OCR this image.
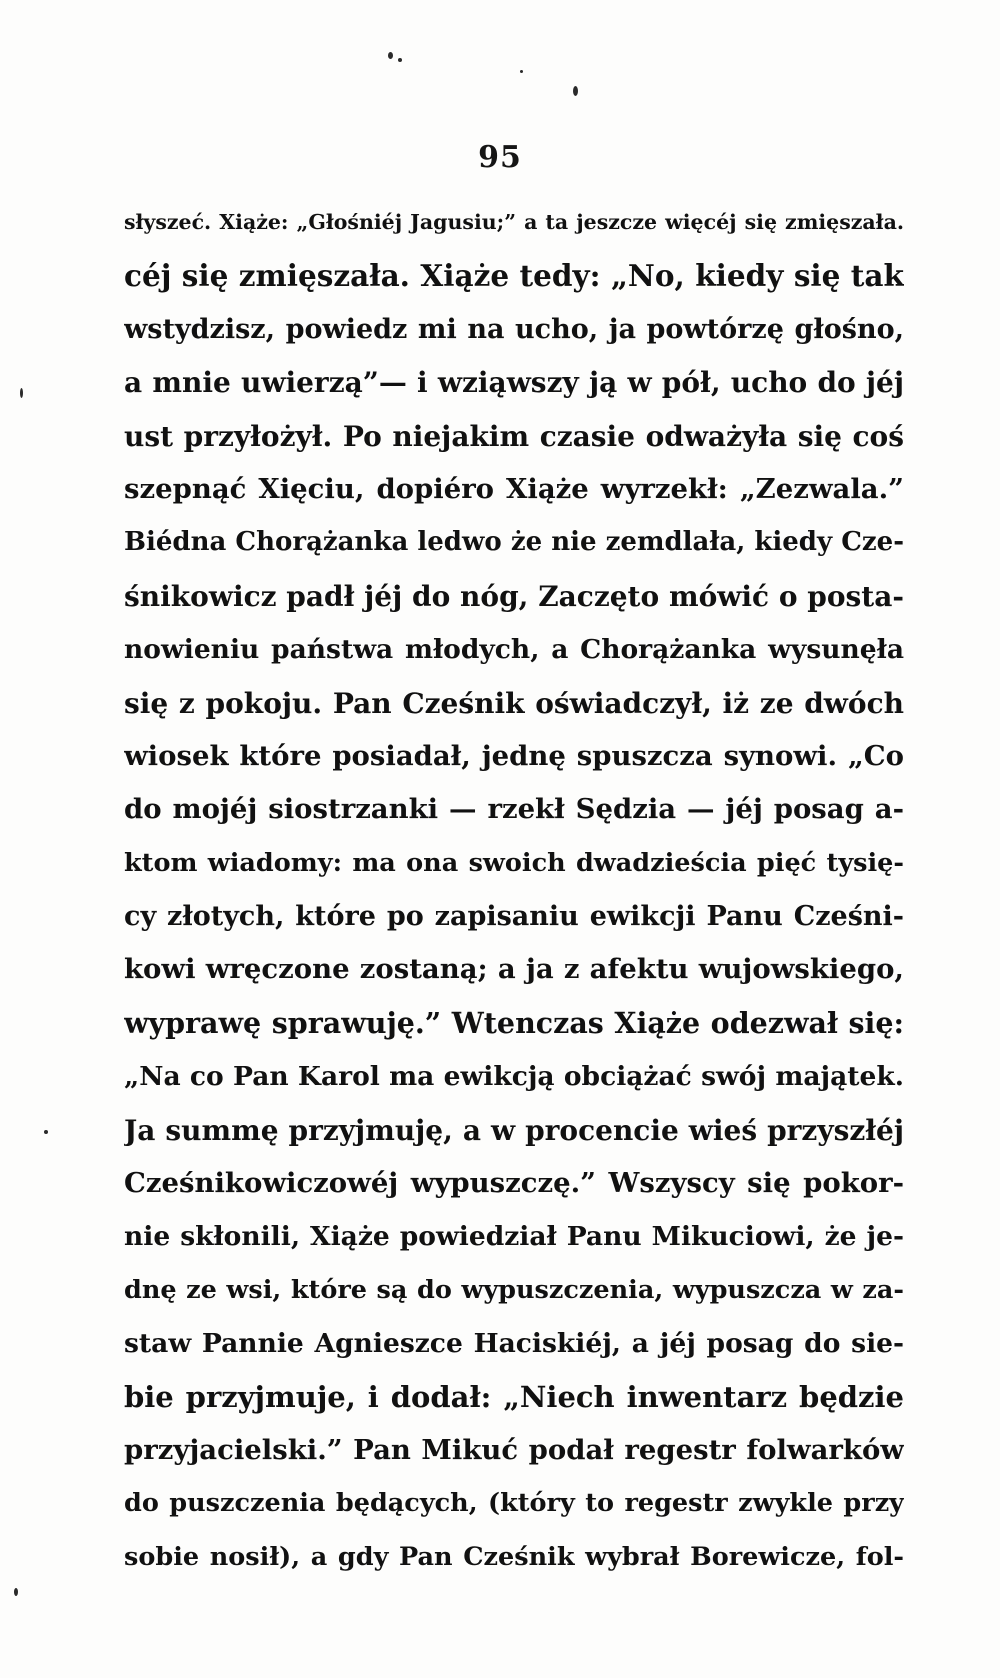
95
słyszeć. Xiąże: „Głośniéj Jagusiu;” a ta jeszcze więcéj się zmięszała.
céj się zmięszała. Xiąże tedy: „No, kiedy się tak
wstydzisz, powiedz mi na ucho, ja powtórzę głośno,
a mnie uwierzą”— i wziąwszy ją w pół, ucho do jéj
ust przyłożył. Po niejakim czasie odważyła się coś
szepnąć Xięciu, dopiéro Xiąże wyrzekł: „Zezwala.”
Biédna Chorążanka ledwo że nie zemdlała, kiedy Cze-
śnikowicz padł jéj do nóg, Zaczęto mówić o posta-
nowieniu państwa młodych, a Chorążanka wysunęła
się z pokoju. Pan Cześnik oświadczył, iż ze dwóch
wiosek które posiadał, jednę spuszcza synowi. „Co
do mojéj siostrzanki — rzekł Sędzia — jéj posag a-
ktom wiadomy: ma ona swoich dwadzieścia pięć tysię-
cy złotych, które po zapisaniu ewikcji Panu Cześni-
kowi wręczone zostaną; a ja z afektu wujowskiego,
wyprawę sprawuję.” Wtenczas Xiąże odezwał się:
„Na co Pan Karol ma ewikcją obciążać swój majątek.
Ja summę przyjmuję, a w procencie wieś przyszłéj
Cześnikowiczowéj wypuszczę.” Wszyscy się pokor-
nie skłonili, Xiąże powiedział Panu Mikuciowi, że je-
dnę ze wsi, które są do wypuszczenia, wypuszcza w za-
staw Pannie Agnieszce Haciskiéj, a jéj posag do sie-
bie przyjmuje, i dodał: „Niech inwentarz będzie
przyjacielski.” Pan Mikuć podał regestr folwarków
do puszczenia będących, (który to regestr zwykle przy
sobie nosił), a gdy Pan Cześnik wybrał Borewicze, fol-
